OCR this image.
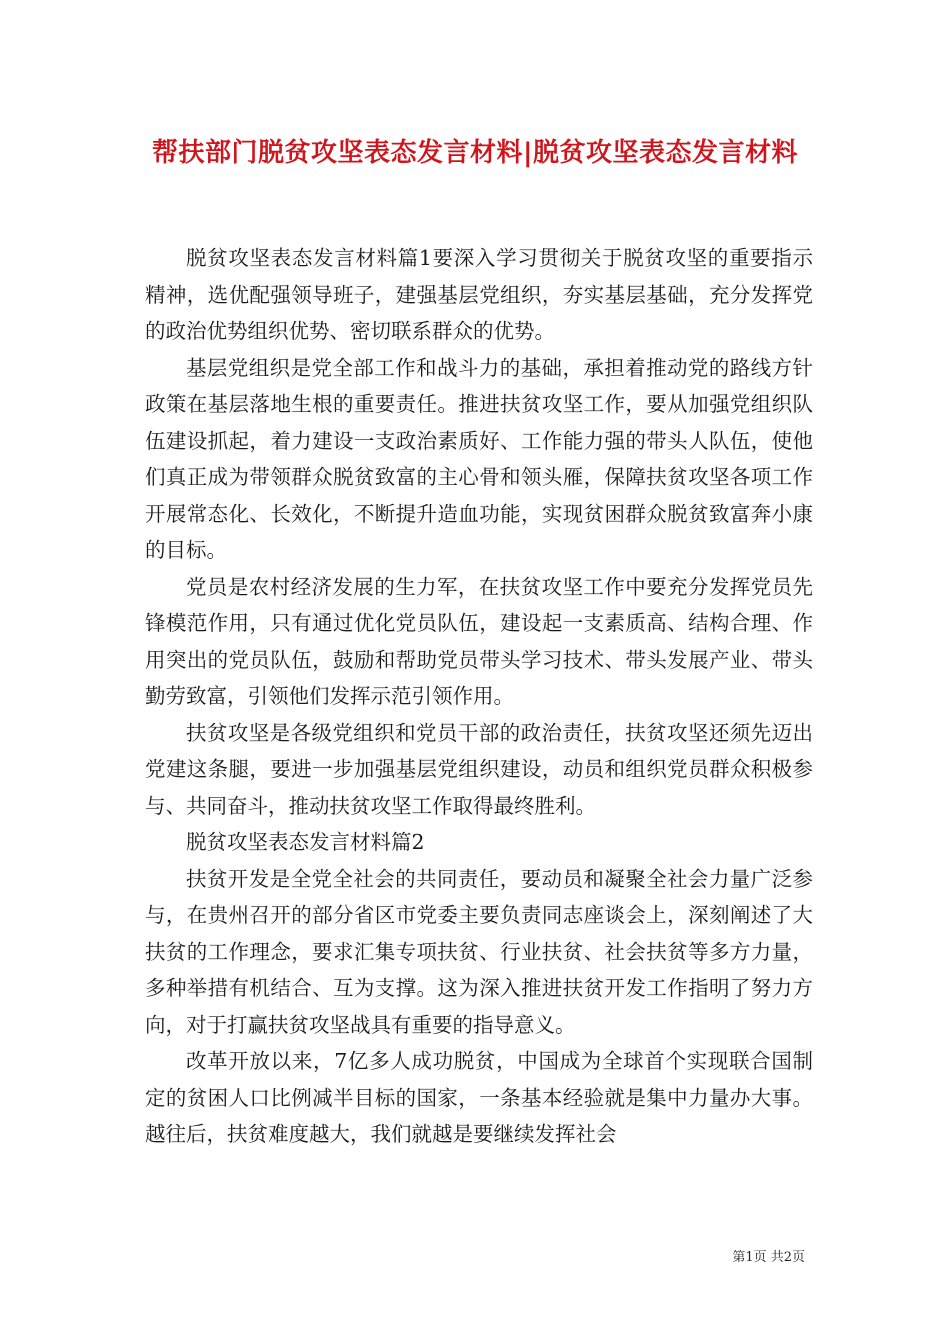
帮扶部门脱贫攻坚表态发言材料|脱贫攻坚表态发言材料

脱贫攻坚表态发言材料篇1要深入学习贯彻关于脱贫攻坚的重要指示精神，选优配强领导班子，建强基层党组织，夯实基层基础，充分发挥党的政治优势组织优势、密切联系群众的优势。

基层党组织是党全部工作和战斗力的基础，承担着推动党的路线方针政策在基层落地生根的重要责任。推进扶贫攻坚工作，要从加强党组织队伍建设抓起，着力建设一支政治素质好、工作能力强的带头人队伍，使他们真正成为带领群众脱贫致富的主心骨和领头雁，保障扶贫攻坚各项工作开展常态化、长效化，不断提升造血功能，实现贫困群众脱贫致富奔小康的目标。

党员是农村经济发展的生力军，在扶贫攻坚工作中要充分发挥党员先锋模范作用，只有通过优化党员队伍，建设起一支素质高、结构合理、作用突出的党员队伍，鼓励和帮助党员带头学习技术、带头发展产业、带头勤劳致富，引领他们发挥示范引领作用。

扶贫攻坚是各级党组织和党员干部的政治责任，扶贫攻坚还须先迈出党建这条腿，要进一步加强基层党组织建设，动员和组织党员群众积极参与、共同奋斗，推动扶贫攻坚工作取得最终胜利。

脱贫攻坚表态发言材料篇2

扶贫开发是全党全社会的共同责任，要动员和凝聚全社会力量广泛参与，在贵州召开的部分省区市党委主要负责同志座谈会上，深刻阐述了大扶贫的工作理念，要求汇集专项扶贫、行业扶贫、社会扶贫等多方力量，多种举措有机结合、互为支撑。这为深入推进扶贫开发工作指明了努力方向，对于打赢扶贫攻坚战具有重要的指导意义。

改革开放以来，7亿多人成功脱贫，中国成为全球首个实现联合国制定的贫困人口比例减半目标的国家，一条基本经验就是集中力量办大事。越往后，扶贫难度越大，我们就越是要继续发挥社会

第1页 共2页
